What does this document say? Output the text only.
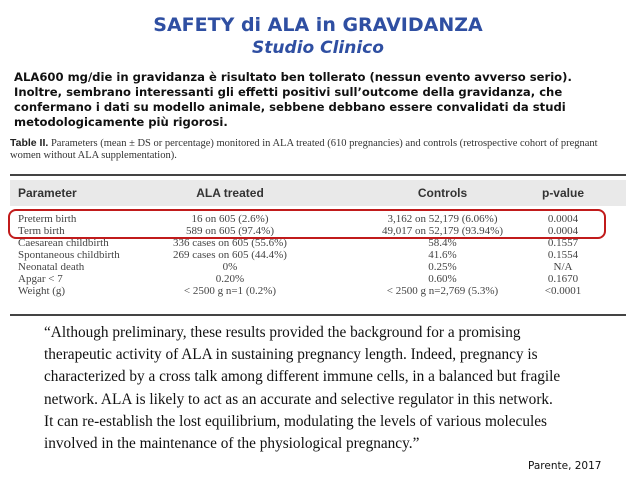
SAFETY di ALA in GRAVIDANZA
Studio Clinico
ALA600 mg/die in gravidanza è risultato ben tollerato (nessun evento avverso serio). Inoltre, sembrano interessanti gli effetti positivi sull’outcome della gravidanza, che confermano i dati su modello animale, sebbene debbano essere convalidati da studi metodologicamente più rigorosi.
Table II. Parameters (mean ± DS or percentage) monitored in ALA treated (610 pregnancies) and controls (retrospective cohort of pregnant women without ALA supplementation).
Parameter	ALA treated	Controls	p-value
Preterm birth	16 on 605 (2.6%)	3,162 on 52,179 (6.06%)	0.0004
Term birth	589 on 605 (97.4%)	49,017 on 52,179 (93.94%)	0.0004
Caesarean childbirth	336 cases on 605 (55.6%)	58.4%	0.1557
Spontaneous childbirth	269 cases on 605 (44.4%)	41.6%	0.1554
Neonatal death	0%	0.25%	N/A
Apgar < 7	0.20%	0.60%	0.1670
Weight (g)	< 2500 g n=1 (0.2%)	< 2500 g n=2,769 (5.3%)	<0.0001
“Although preliminary, these results provided the background for a promising therapeutic activity of ALA in sustaining pregnancy length. Indeed, pregnancy is characterized by a cross talk among different immune cells, in a balanced but fragile network. ALA is likely to act as an accurate and selective regulator in this network. It can re-establish the lost equilibrium, modulating the levels of various molecules involved in the maintenance of the physiological pregnancy.”
Parente, 2017
